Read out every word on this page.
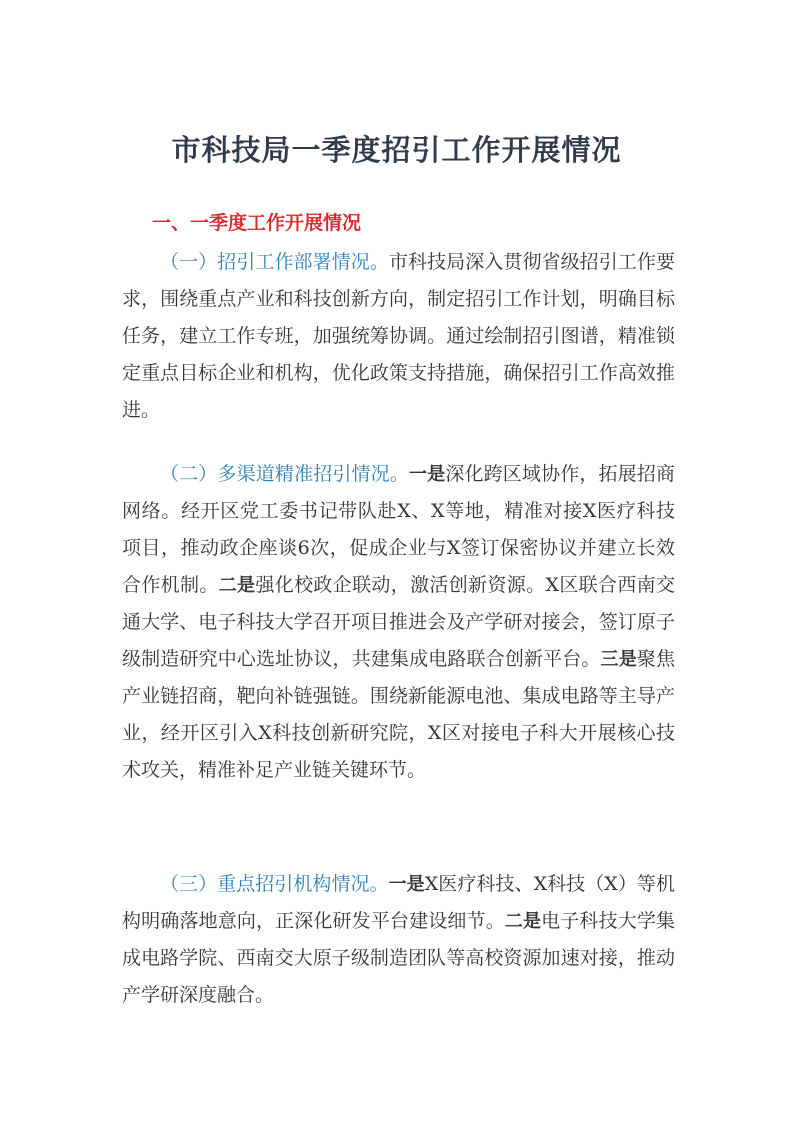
市科技局一季度招引工作开展情况
一、一季度工作开展情况

（一）招引工作部署情况。市科技局深入贯彻省级招引工作要求，围绕重点产业和科技创新方向，制定招引工作计划，明确目标任务，建立工作专班，加强统筹协调。通过绘制招引图谱，精准锁定重点目标企业和机构，优化政策支持措施，确保招引工作高效推进。

（二）多渠道精准招引情况。一是深化跨区域协作，拓展招商网络。经开区党工委书记带队赴X、X等地，精准对接X医疗科技项目，推动政企座谈6次，促成企业与X签订保密协议并建立长效合作机制。二是强化校政企联动，激活创新资源。X区联合西南交通大学、电子科技大学召开项目推进会及产学研对接会，签订原子级制造研究中心选址协议，共建集成电路联合创新平台。三是聚焦产业链招商，靶向补链强链。围绕新能源电池、集成电路等主导产业，经开区引入X科技创新研究院，X区对接电子科大开展核心技术攻关，精准补足产业链关键环节。

（三）重点招引机构情况。一是X医疗科技、X科技（X）等机构明确落地意向，正深化研发平台建设细节。二是电子科技大学集成电路学院、西南交大原子级制造团队等高校资源加速对接，推动产学研深度融合。
